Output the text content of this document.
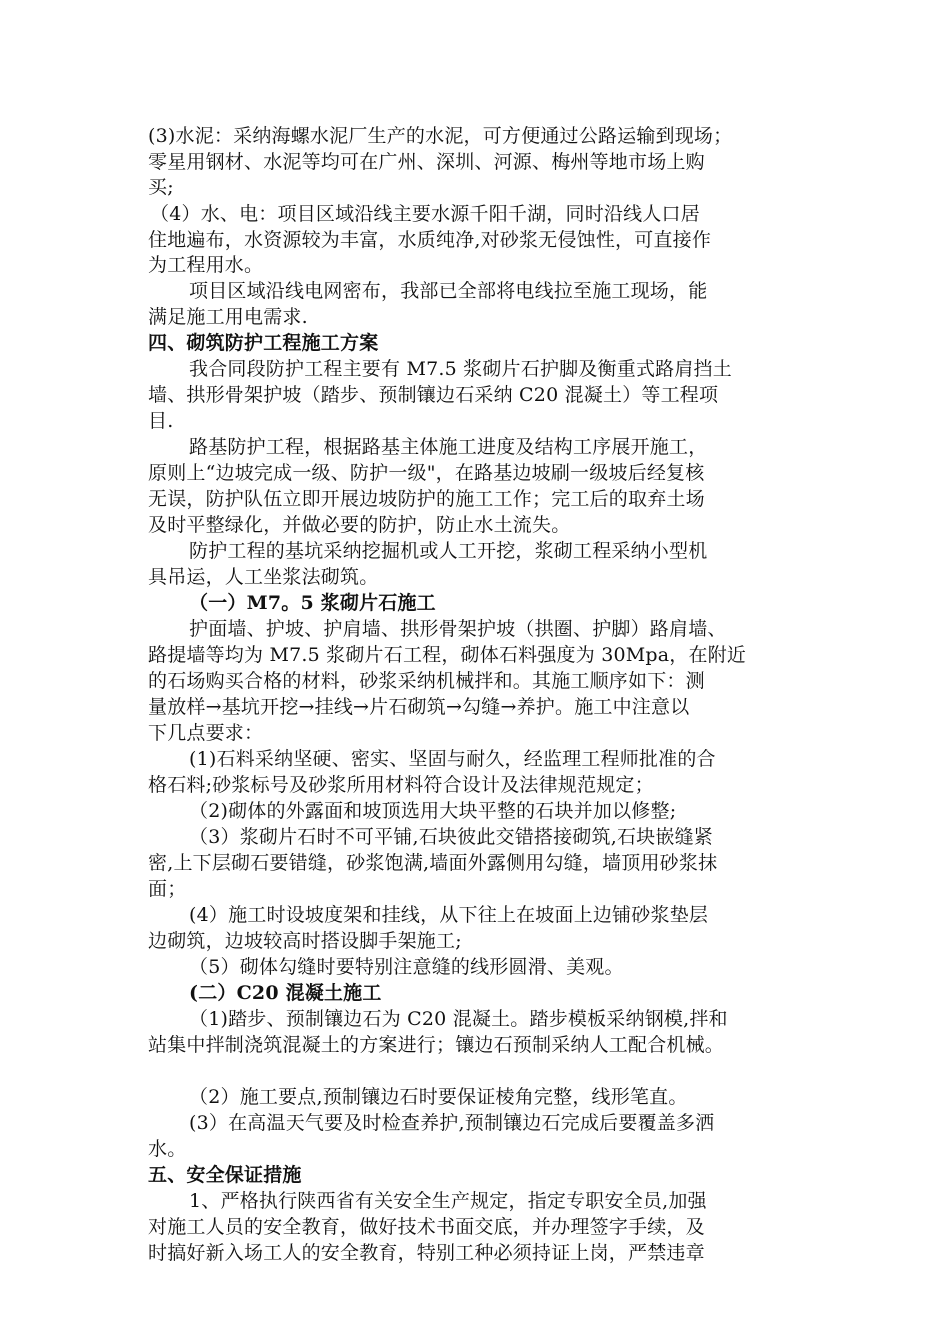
(3)水泥：采纳海螺水泥厂生产的水泥，可方便通过公路运输到现场；
零星用钢材、水泥等均可在广州、深圳、河源、梅州等地市场上购
买;
（4）水、电：项目区域沿线主要水源千阳千湖，同时沿线人口居
住地遍布，水资源较为丰富，水质纯净,对砂浆无侵蚀性，可直接作
为工程用水。
项目区域沿线电网密布，我部已全部将电线拉至施工现场，能
满足施工用电需求.
四、砌筑防护工程施工方案
我合同段防护工程主要有 M7.5 浆砌片石护脚及衡重式路肩挡土
墙、拱形骨架护坡（踏步、预制镶边石采纳 C20 混凝土）等工程项
目.
路基防护工程，根据路基主体施工进度及结构工序展开施工，
原则上“边坡完成一级、防护一级"，在路基边坡刷一级坡后经复核
无误，防护队伍立即开展边坡防护的施工工作；完工后的取弃土场
及时平整绿化，并做必要的防护，防止水土流失。
防护工程的基坑采纳挖掘机或人工开挖，浆砌工程采纳小型机
具吊运，人工坐浆法砌筑。
（一）M7。5 浆砌片石施工
护面墙、护坡、护肩墙、拱形骨架护坡（拱圈、护脚）路肩墙、
路提墙等均为 M7.5 浆砌片石工程，砌体石料强度为 30Mpa，在附近
的石场购买合格的材料，砂浆采纳机械拌和。其施工顺序如下：测
量放样→基坑开挖→挂线→片石砌筑→勾缝→养护。施工中注意以
下几点要求：
(1)石料采纳坚硬、密实、坚固与耐久，经监理工程师批准的合
格石料;砂浆标号及砂浆所用材料符合设计及法律规范规定；
（2)砌体的外露面和坡顶选用大块平整的石块并加以修整;
（3）浆砌片石时不可平铺,石块彼此交错搭接砌筑,石块嵌缝紧
密,上下层砌石要错缝，砂浆饱满,墙面外露侧用勾缝，墙顶用砂浆抹
面；
(4）施工时设坡度架和挂线，从下往上在坡面上边铺砂浆垫层
边砌筑，边坡较高时搭设脚手架施工;
（5）砌体勾缝时要特别注意缝的线形圆滑、美观。
(二）C20 混凝土施工
（1)踏步、预制镶边石为 C20 混凝土。踏步模板采纳钢模,拌和
站集中拌制浇筑混凝土的方案进行；镶边石预制采纳人工配合机械。
（2）施工要点,预制镶边石时要保证棱角完整，线形笔直。
(3）在高温天气要及时检查养护,预制镶边石完成后要覆盖多洒
水。
五、安全保证措施
1、严格执行陕西省有关安全生产规定，指定专职安全员,加强
对施工人员的安全教育，做好技术书面交底，并办理签字手续，及
时搞好新入场工人的安全教育，特别工种必须持证上岗，严禁违章
